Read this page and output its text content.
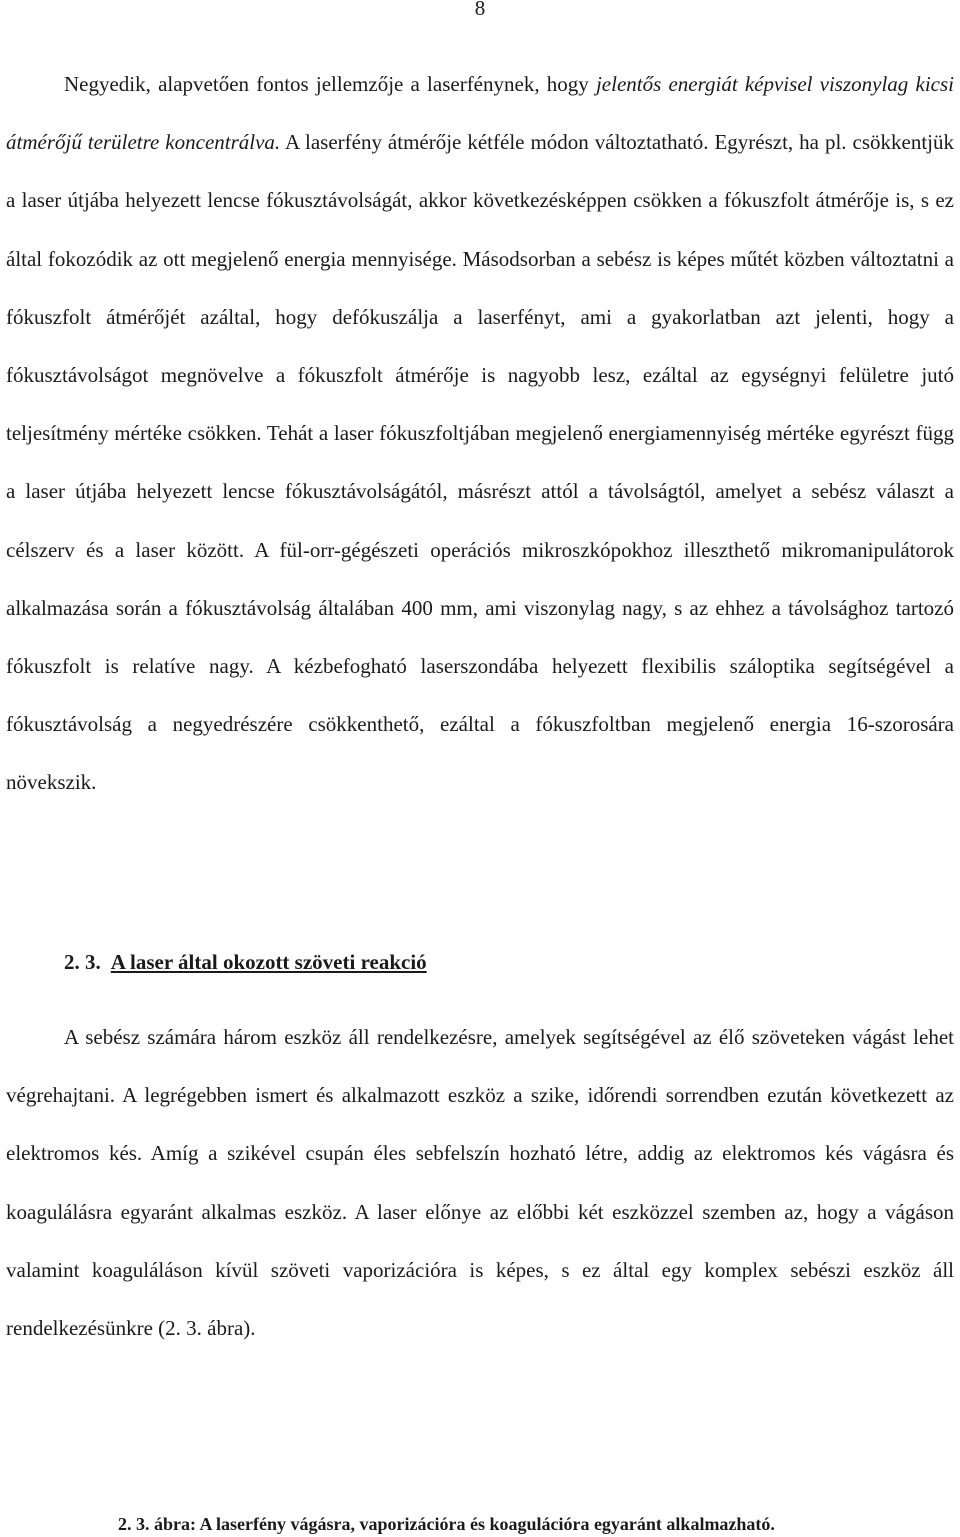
8

Negyedik, alapvetően fontos jellemzője a laserfénynek, hogy jelentős energiát képvisel viszonylag kicsi átmérőjű területre koncentrálva. A laserfény átmérője kétféle módon változtatható. Egyrészt, ha pl. csökkentjük a laser útjába helyezett lencse fókusztávolságát, akkor következésképpen csökken a fókuszfolt átmérője is, s ez által fokozódik az ott megjelenő energia mennyisége. Másodsorban a sebész is képes műtét közben változtatni a fókuszfolt átmérőjét azáltal, hogy defókuszálja a laserfényt, ami a gyakorlatban azt jelenti, hogy a fókusztávolságot megnövelve a fókuszfolt átmérője is nagyobb lesz, ezáltal az egységnyi felületre jutó teljesítmény mértéke csökken. Tehát a laser fókuszfoltjában megjelenő energiamennyiség mértéke egyrészt függ a laser útjába helyezett lencse fókusztávolságától, másrészt attól a távolságtól, amelyet a sebész választ a célszerv és a laser között. A fül-orr-gégészeti operációs mikroszkópokhoz illeszthető mikromanipulátorok alkalmazása során a fókusztávolság általában 400 mm, ami viszonylag nagy, s az ehhez a távolsághoz tartozó fókuszfolt is relatíve nagy. A kézbefogható laserszondába helyezett flexibilis száloptika segítségével a fókusztávolság a negyedrészére csökkenthető, ezáltal a fókuszfoltban megjelenő energia 16-szorosára növekszik.

2. 3. A laser által okozott szöveti reakció

A sebész számára három eszköz áll rendelkezésre, amelyek segítségével az élő szöveteken vágást lehet végrehajtani. A legrégebben ismert és alkalmazott eszköz a szike, időrendi sorrendben ezután következett az elektromos kés. Amíg a szikével csupán éles sebfelszín hozható létre, addig az elektromos kés vágásra és koagulálásra egyaránt alkalmas eszköz. A laser előnye az előbbi két eszközzel szemben az, hogy a vágáson valamint koaguláláson kívül szöveti vaporizációra is képes, s ez által egy komplex sebészi eszköz áll rendelkezésünkre (2. 3. ábra).

2. 3. ábra: A laserfény vágásra, vaporizációra és koagulációra egyaránt alkalmazható.
